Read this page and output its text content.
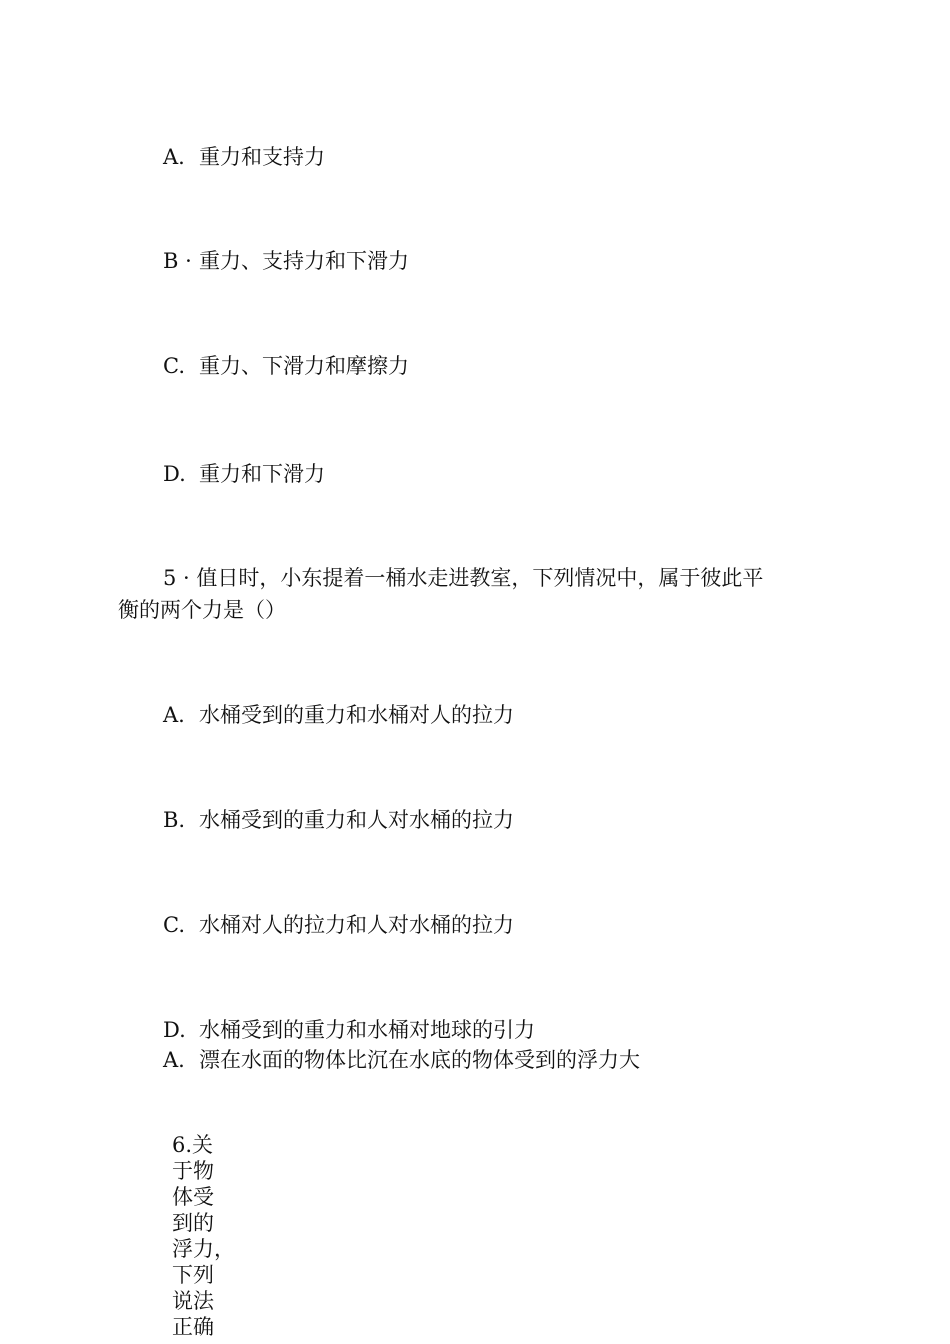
A. 重力和支持力
B · 重力、支持力和下滑力
C. 重力、下滑力和摩擦力
D. 重力和下滑力
5 · 值日时，小东提着一桶水走进教室，下列情况中，属于彼此平
衡的两个力是（）
A. 水桶受到的重力和水桶对人的拉力
B. 水桶受到的重力和人对水桶的拉力
C. 水桶对人的拉力和人对水桶的拉力
D. 水桶受到的重力和水桶对地球的引力
A. 漂在水面的物体比沉在水底的物体受到的浮力大
6.关
于物
体受
到的
浮力，
下列
说法
正确
